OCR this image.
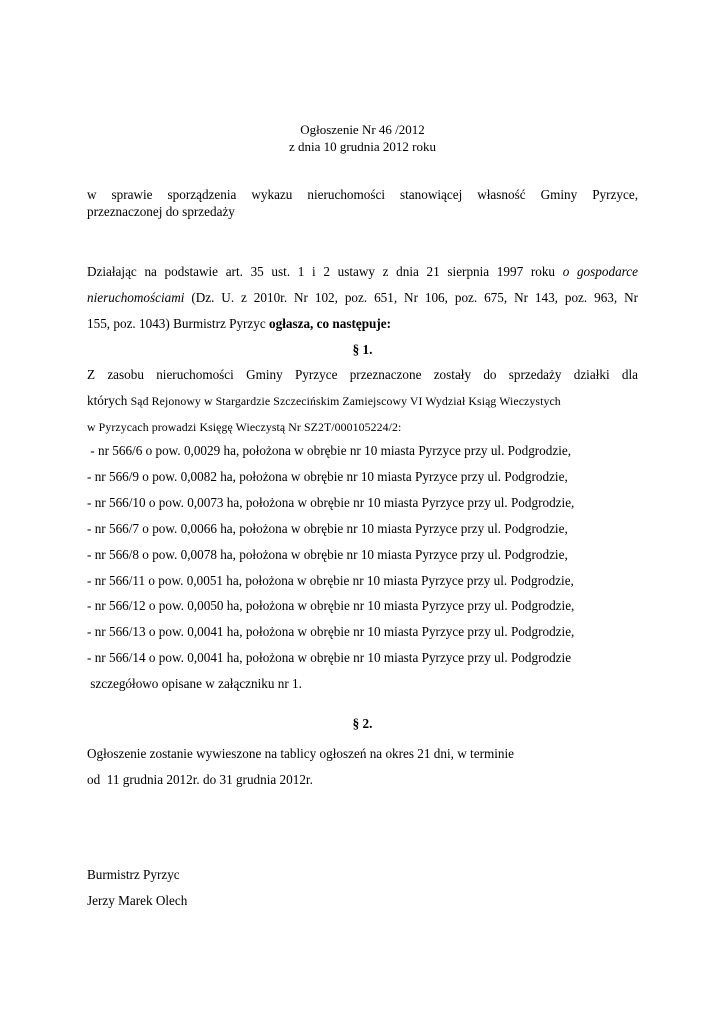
Ogłoszenie Nr 46 /2012
z dnia 10 grudnia 2012 roku
w sprawie sporządzenia wykazu nieruchomości stanowiącej własność Gminy Pyrzyce,
przeznaczonej do sprzedaży
Działając na podstawie art. 35 ust. 1 i 2 ustawy z dnia 21 sierpnia 1997 roku o gospodarce
nieruchomościami (Dz. U. z 2010r. Nr 102, poz. 651, Nr 106, poz. 675, Nr 143, poz. 963, Nr
155, poz. 1043) Burmistrz Pyrzyc ogłasza, co następuje:
§ 1.
Z zasobu nieruchomości Gminy Pyrzyce przeznaczone zostały do sprzedaży działki dla
których Sąd Rejonowy w Stargardzie Szczecińskim Zamiejscowy VI Wydział Ksiąg Wieczystych
w Pyrzycach prowadzi Księgę Wieczystą Nr SZ2T/000105224/2:
- nr 566/6 o pow. 0,0029 ha, położona w obrębie nr 10 miasta Pyrzyce przy ul. Podgrodzie,
- nr 566/9 o pow. 0,0082 ha, położona w obrębie nr 10 miasta Pyrzyce przy ul. Podgrodzie,
- nr 566/10 o pow. 0,0073 ha, położona w obrębie nr 10 miasta Pyrzyce przy ul. Podgrodzie,
- nr 566/7 o pow. 0,0066 ha, położona w obrębie nr 10 miasta Pyrzyce przy ul. Podgrodzie,
- nr 566/8 o pow. 0,0078 ha, położona w obrębie nr 10 miasta Pyrzyce przy ul. Podgrodzie,
- nr 566/11 o pow. 0,0051 ha, położona w obrębie nr 10 miasta Pyrzyce przy ul. Podgrodzie,
- nr 566/12 o pow. 0,0050 ha, położona w obrębie nr 10 miasta Pyrzyce przy ul. Podgrodzie,
- nr 566/13 o pow. 0,0041 ha, położona w obrębie nr 10 miasta Pyrzyce przy ul. Podgrodzie,
- nr 566/14 o pow. 0,0041 ha, położona w obrębie nr 10 miasta Pyrzyce przy ul. Podgrodzie
szczegółowo opisane w załączniku nr 1.
§ 2.
Ogłoszenie zostanie wywieszone na tablicy ogłoszeń na okres 21 dni, w terminie
od  11 grudnia 2012r. do 31 grudnia 2012r.
Burmistrz Pyrzyc
Jerzy Marek Olech
